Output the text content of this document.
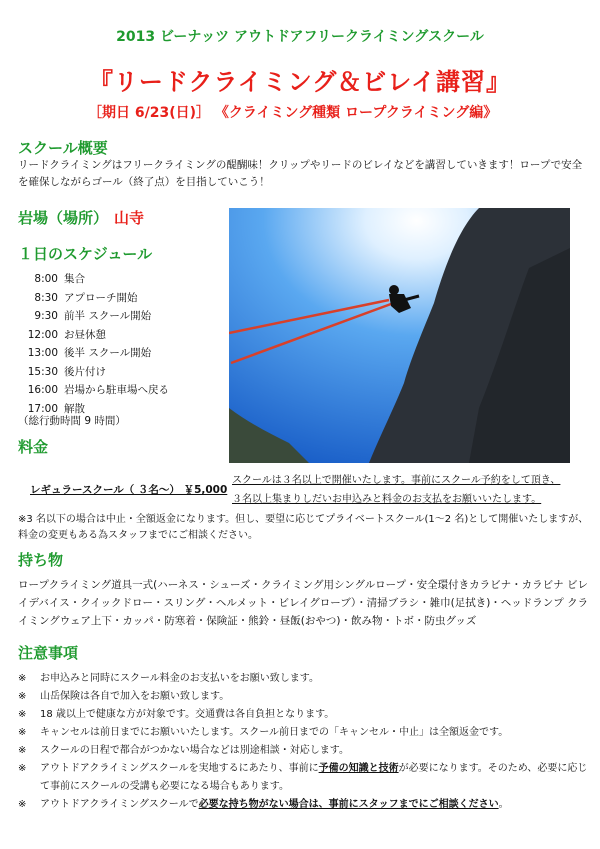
2013 ビーナッツ アウトドアフリークライミングスクール
『リードクライミング＆ビレイ講習』
［期日 6/23(日)］ 《クライミング種類 ロープクライミング編》
スクール概要
リードクライミングはフリークライミングの醍醐味！クリップやリードのビレイなどを講習していきます！ロープで安全を確保しながらゴール（終了点）を目指していこう！
岩場（場所） 山寺
１日のスケジュール
8:00 集合
8:30 アプローチ開始
9:30 前半 スクール開始
12:00 お昼休憩
13:00 後半 スクール開始
15:30 後片付け
16:00 岩場から駐車場へ戻る
17:00 解散
（総行動時間 9 時間）
料金
レギュラースクール（ ３名～） ￥5,000
スクールは３名以上で開催いたします。事前にスクール予約をして頂き、
３名以上集まりしだいお申込みと料金のお支払をお願いいたします。
※3 名以下の場合は中止・全額返金になります。但し、要望に応じてプライベートスクール(1～2 名)として開催いたしますが、　料金の変更もある為スタッフまでにご相談ください。
持ち物
ロープクライミング道具一式(ハーネス・シューズ・クライミング用シングルロープ・安全環付きカラビナ・カラビナ ビレイデバイス・クイックドロー・スリング・ヘルメット・ビレイグローブ）・清掃ブラシ・雑巾(足拭き)・ヘッドランプ クライミングウェア上下・カッパ・防寒着・保険証・熊鈴・昼飯(おやつ)・飲み物・トボ・防虫グッズ
注意事項
※	お申込みと同時にスクール料金のお支払いをお願い致します。
※	山岳保険は各自で加入をお願い致します。
※	18 歳以上で健康な方が対象です。交通費は各自負担となります。
※	キャンセルは前日までにお願いいたします。スクール前日までの「キャンセル・中止」は全額返金です。
※	スクールの日程で都合がつかない場合などは別途相談・対応します。
※	アウトドアクライミングスクールを実地するにあたり、事前に予備の知識と技術が必要になります。そのため、必要に応じて事前にスクールの受講も必要になる場合もあります。
※	アウトドアクライミングスクールで必要な持ち物がない場合は、事前にスタッフまでにご相談ください。
